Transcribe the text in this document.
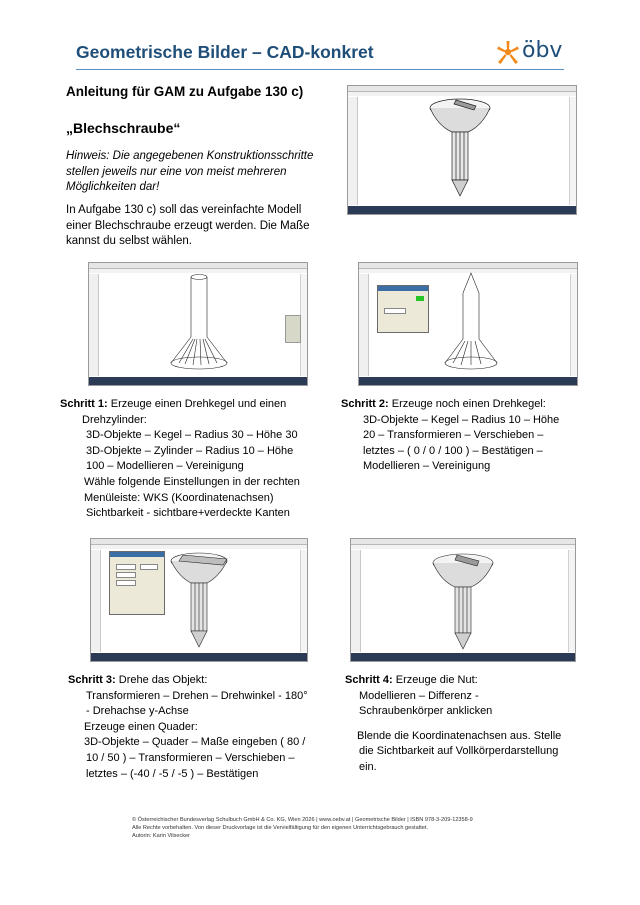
Geometrische Bilder – CAD-konkret	öbv
Anleitung für GAM zu Aufgabe 130 c)
„Blechschraube“
Hinweis: Die angegebenen Konstruktionsschritte
stellen jeweils nur eine von meist mehreren
Möglichkeiten dar!
In Aufgabe 130 c) soll das vereinfachte Modell
einer Blechschraube erzeugt werden. Die Maße
kannst du selbst wählen.
Schritt 1: Erzeuge einen Drehkegel und einen
Drehzylinder:
3D-Objekte – Kegel – Radius 30 – Höhe 30
3D-Objekte – Zylinder – Radius 10 – Höhe
100 – Modellieren – Vereinigung
Wähle folgende Einstellungen in der rechten
Menüleiste: WKS (Koordinatenachsen)
Sichtbarkeit - sichtbare+verdeckte Kanten
Schritt 2: Erzeuge noch einen Drehkegel:
3D-Objekte – Kegel – Radius 10 – Höhe
20 – Transformieren – Verschieben –
letztes – ( 0 / 0 / 100 ) – Bestätigen –
Modellieren – Vereinigung
Schritt 3: Drehe das Objekt:
Transformieren – Drehen – Drehwinkel - 180°
- Drehachse y-Achse
Erzeuge einen Quader:
3D-Objekte – Quader – Maße eingeben ( 80 /
10 / 50 ) – Transformieren – Verschieben –
letztes – (-40 / -5 / -5 ) – Bestätigen
Schritt 4: Erzeuge die Nut:
Modellieren – Differenz -
Schraubenkörper anklicken
Blende die Koordinatenachsen aus. Stelle
die Sichtbarkeit auf Vollkörperdarstellung
ein.
© Österreichischer Bundesverlag Schulbuch GmbH & Co. KG, Wien 2026 | www.oebv.at | Geometrische Bilder | ISBN 978-3-209-12358-9
Alle Rechte vorbehalten. Von dieser Druckvorlage ist die Vervielfältigung für den eigenen Unterrichtsgebrauch gestattet.
Autorin: Karin Vilsecker
